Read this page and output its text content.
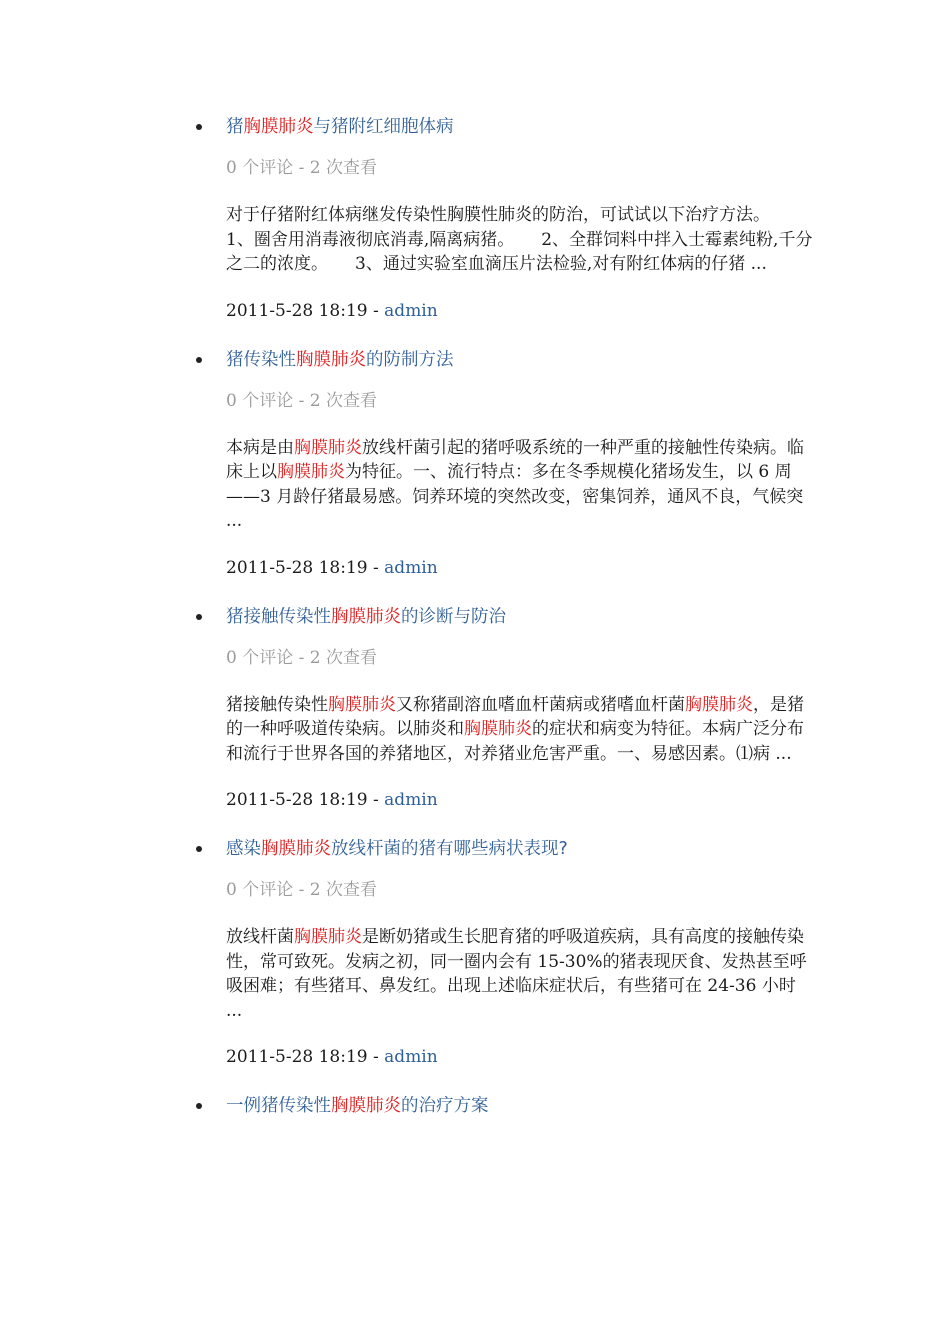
猪胸膜肺炎与猪附红细胞体病
0 个评论 - 2 次查看
对于仔猪附红体病继发传染性胸膜性肺炎的防治，可试试以下治疗方法。     1、圈舍用消毒液彻底消毒,隔离病猪。     2、全群饲料中拌入士霉素纯粉,千分之二的浓度。     3、通过实验室血滴压片法检验,对有附红体病的仔猪 ...
2011-5-28 18:19 - admin
猪传染性胸膜肺炎的防制方法
0 个评论 - 2 次查看
本病是由胸膜肺炎放线杆菌引起的猪呼吸系统的一种严重的接触性传染病。临床上以胸膜肺炎为特征。一、流行特点：多在冬季规模化猪场发生，以 6 周——3 月龄仔猪最易感。饲养环境的突然改变，密集饲养，通风不良，气候突 ...
2011-5-28 18:19 - admin
猪接触传染性胸膜肺炎的诊断与防治
0 个评论 - 2 次查看
猪接触传染性胸膜肺炎又称猪副溶血嗜血杆菌病或猪嗜血杆菌胸膜肺炎，是猪的一种呼吸道传染病。以肺炎和胸膜肺炎的症状和病变为特征。本病广泛分布和流行于世界各国的养猪地区，对养猪业危害严重。一、易感因素。⑴病 ...
2011-5-28 18:19 - admin
感染胸膜肺炎放线杆菌的猪有哪些病状表现?
0 个评论 - 2 次查看
放线杆菌胸膜肺炎是断奶猪或生长肥育猪的呼吸道疾病，具有高度的接触传染性，常可致死。发病之初，同一圈内会有 15-30%的猪表现厌食、发热甚至呼吸困难；有些猪耳、鼻发红。出现上述临床症状后，有些猪可在 24-36 小时 ...
2011-5-28 18:19 - admin
一例猪传染性胸膜肺炎的治疗方案
